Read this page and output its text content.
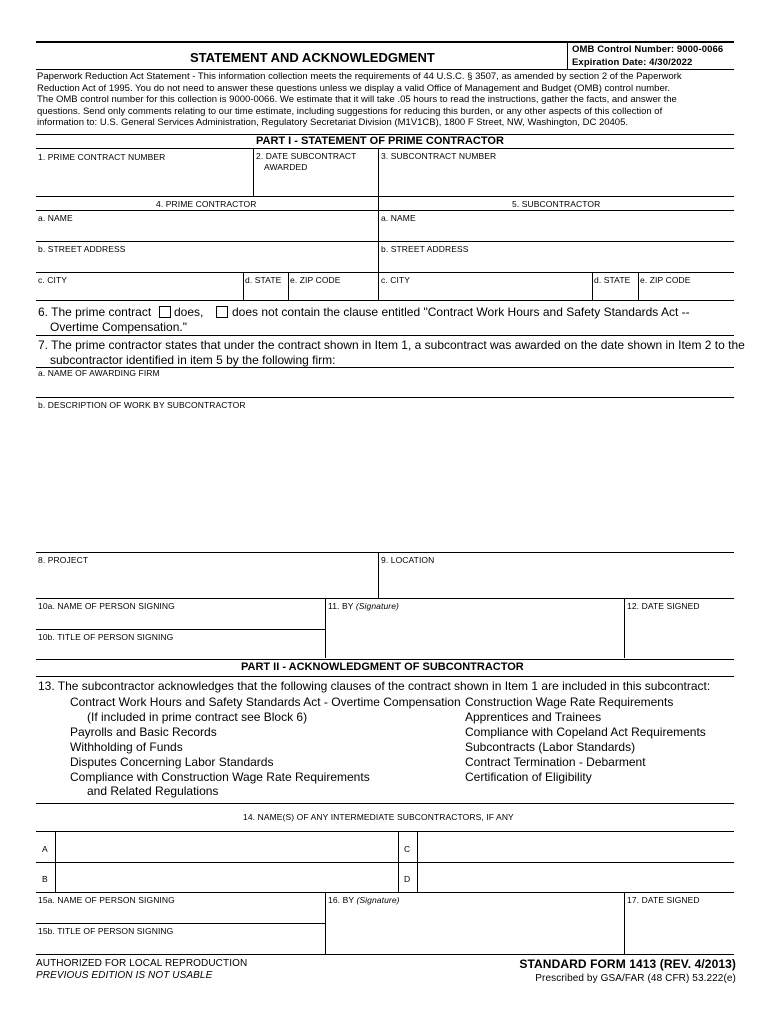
STATEMENT AND ACKNOWLEDGMENT
OMB Control Number: 9000-0066
Expiration Date: 4/30/2022
Paperwork Reduction Act Statement - This information collection meets the requirements of 44 U.S.C. § 3507, as amended by section 2 of the Paperwork
Reduction Act of 1995. You do not need to answer these questions unless we display a valid Office of Management and Budget (OMB) control number.
The OMB control number for this collection is 9000-0066. We estimate that it will take .05 hours to read the instructions, gather the facts, and answer the
questions. Send only comments relating to our time estimate, including suggestions for reducing this burden, or any other aspects of this collection of
information to: U.S. General Services Administration, Regulatory Secretariat Division (M1V1CB), 1800 F Street, NW, Washington, DC 20405.
PART I - STATEMENT OF PRIME CONTRACTOR
1. PRIME CONTRACT NUMBER	2. DATE SUBCONTRACT
AWARDED
3. SUBCONTRACT NUMBER
4. PRIME CONTRACTOR	5. SUBCONTRACTOR
a. NAME	a. NAME
b. STREET ADDRESS	b. STREET ADDRESS
c. CITY	d. STATE e. ZIP CODE	c. CITY	d. STATE e. ZIP CODE
6. The prime contract does, does not contain the clause entitled "Contract Work Hours and Safety Standards Act --
Overtime Compensation."
7. The prime contractor states that under the contract shown in Item 1, a subcontract was awarded on the date shown in Item 2 to the
subcontractor identified in item 5 by the following firm:
a. NAME OF AWARDING FIRM
b. DESCRIPTION OF WORK BY SUBCONTRACTOR
8. PROJECT	9. LOCATION
10a. NAME OF PERSON SIGNING	11. BY (Signature)	12. DATE SIGNED
10b. TITLE OF PERSON SIGNING
PART II - ACKNOWLEDGMENT OF SUBCONTRACTOR
13. The subcontractor acknowledges that the following clauses of the contract shown in Item 1 are included in this subcontract:
Contract Work Hours and Safety Standards Act - Overtime Compensation
(If included in prime contract see Block 6)
Payrolls and Basic Records
Withholding of Funds
Disputes Concerning Labor Standards
Compliance with Construction Wage Rate Requirements
and Related Regulations
Construction Wage Rate Requirements
Apprentices and Trainees
Compliance with Copeland Act Requirements
Subcontracts (Labor Standards)
Contract Termination - Debarment
Certification of Eligibility
14. NAME(S) OF ANY INTERMEDIATE SUBCONTRACTORS, IF ANY
A	C
B	D
15a. NAME OF PERSON SIGNING	16. BY (Signature)	17. DATE SIGNED
15b. TITLE OF PERSON SIGNING
AUTHORIZED FOR LOCAL REPRODUCTION
PREVIOUS EDITION IS NOT USABLE
STANDARD FORM 1413 (REV. 4/2013)
Prescribed by GSA/FAR (48 CFR) 53.222(e)
